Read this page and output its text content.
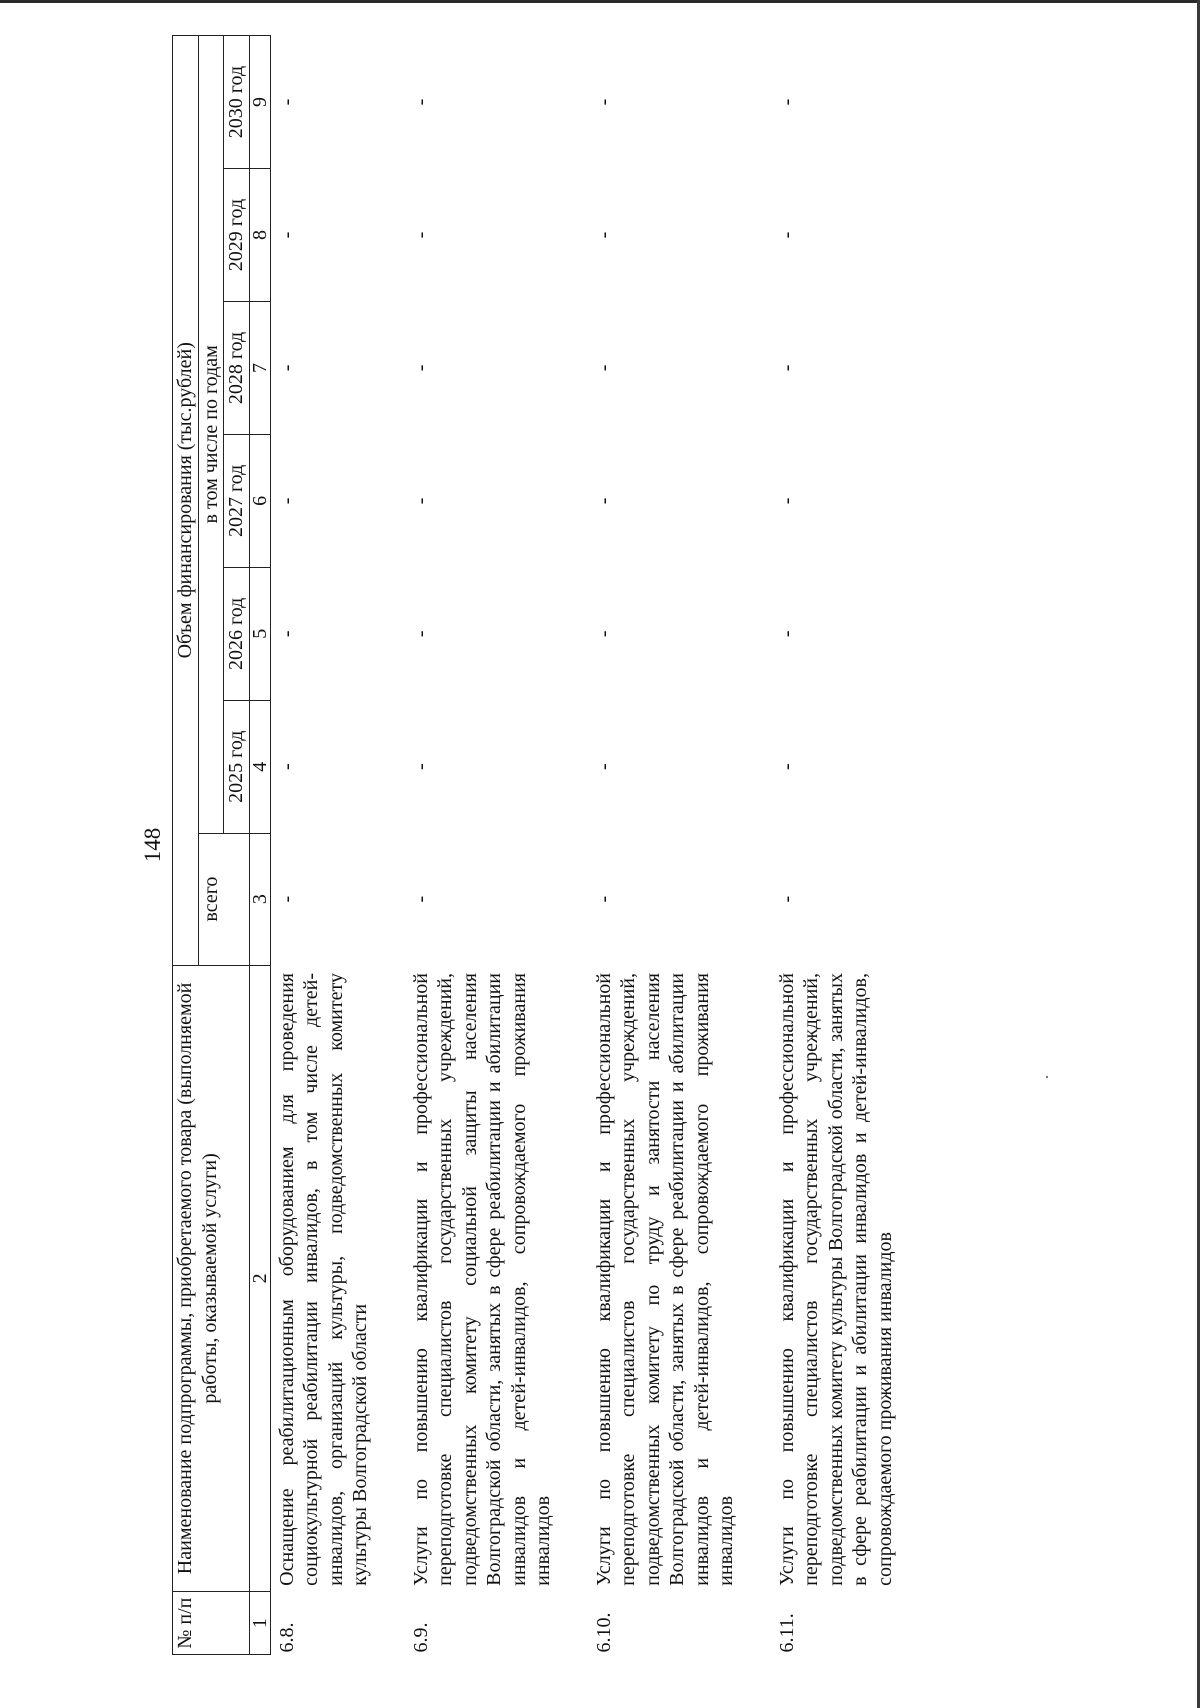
148
№ п/п	Наименование подпрограммы, приобретаемого товара (выполняемой работы, оказываемой услуги)	Объем финансирования (тыс.рублей)						
		всего	в том числе по годам					
			2025 год	2026 год	2027 год	2028 год	2029 год	2030 год
1	2	3	4	5	6	7	8	9
6.8.	Оснащение реабилитационным оборудованием для проведения социокультурной реабилитации инвалидов, в том числе детей-инвалидов, организаций культуры, подведомственных комитету культуры Волгоградской области	-	-	-	-	-	-	-
6.9.	Услуги по повышению квалификации и профессиональной переподготовке специалистов государственных учреждений, подведомственных комитету социальной защиты населения Волгоградской области, занятых в сфере реабилитации и абилитации инвалидов и детей-инвалидов, сопровождаемого проживания инвалидов	-	-	-	-	-	-	-
6.10.	Услуги по повышению квалификации и профессиональной переподготовке специалистов государственных учреждений, подведомственных комитету по труду и занятости населения Волгоградской области, занятых в сфере реабилитации и абилитации инвалидов и детей-инвалидов, сопровождаемого проживания инвалидов	-	-	-	-	-	-	-
6.11.	Услуги по повышению квалификации и профессиональной переподготовке специалистов государственных учреждений, подведомственных комитету культуры Волгоградской области, занятых в сфере реабилитации и абилитации инвалидов и детей-инвалидов, сопровождаемого проживания инвалидов	-	-	-	-	-	-	-
